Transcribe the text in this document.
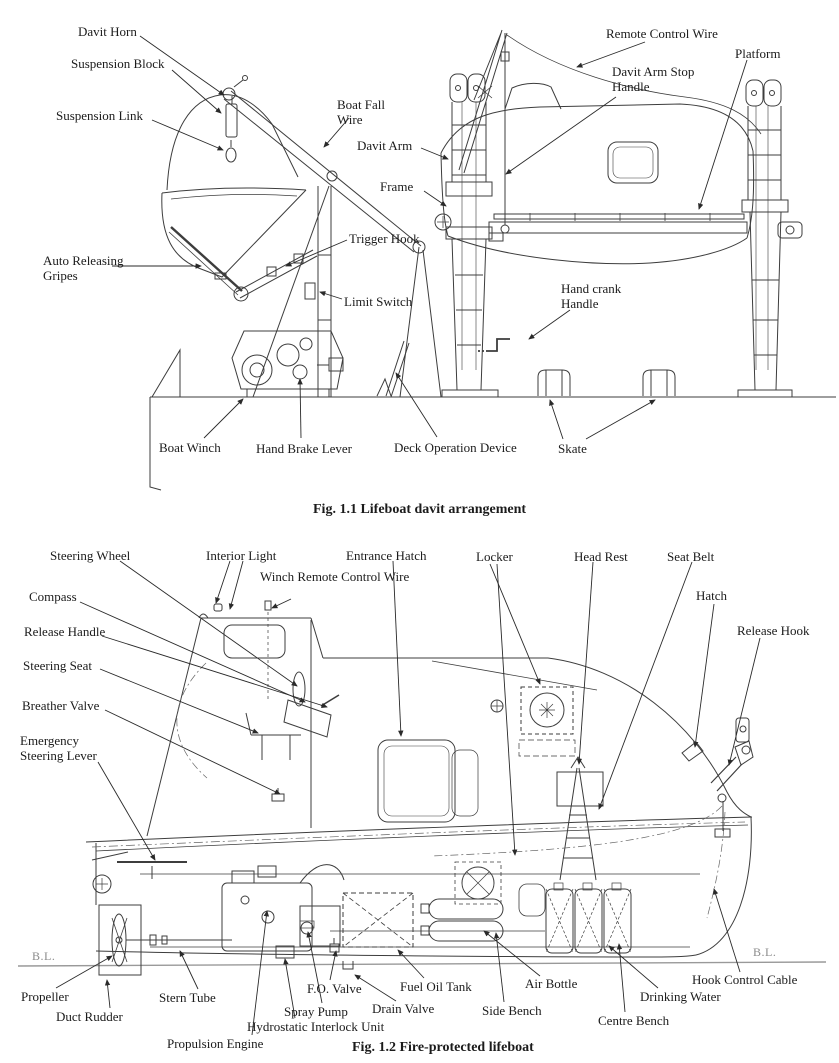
Davit Horn
Suspension Block
Suspension Link
Boat Fall Wire
Davit Arm
Frame
Remote Control Wire
Platform
Davit Arm Stop Handle
Trigger Hook
Auto Releasing Gripes
Limit Switch
Hand crank Handle
Boat Winch	Hand Brake Lever	Deck Operation Device	Skate
Fig. 1.1 Lifeboat davit arrangement
Steering Wheel	Interior Light	Entrance Hatch
Winch Remote Control Wire
Compass
Release Handle
Locker	Head Rest	Seat Belt
Hatch
Release Hook
Steering Seat
Breather Valve
Emergency Steering Lever
B.L.	B.L.
Propeller
Duct Rudder
Stern Tube
Propulsion Engine
Hydrostatic Interlock Unit
Spray Pump
F.O. Valve
Drain Valve
Fuel Oil Tank	Air Bottle
Side Bench
Centre Bench
Drinking Water
Hook Control Cable
Fig. 1.2 Fire-protected lifeboat
